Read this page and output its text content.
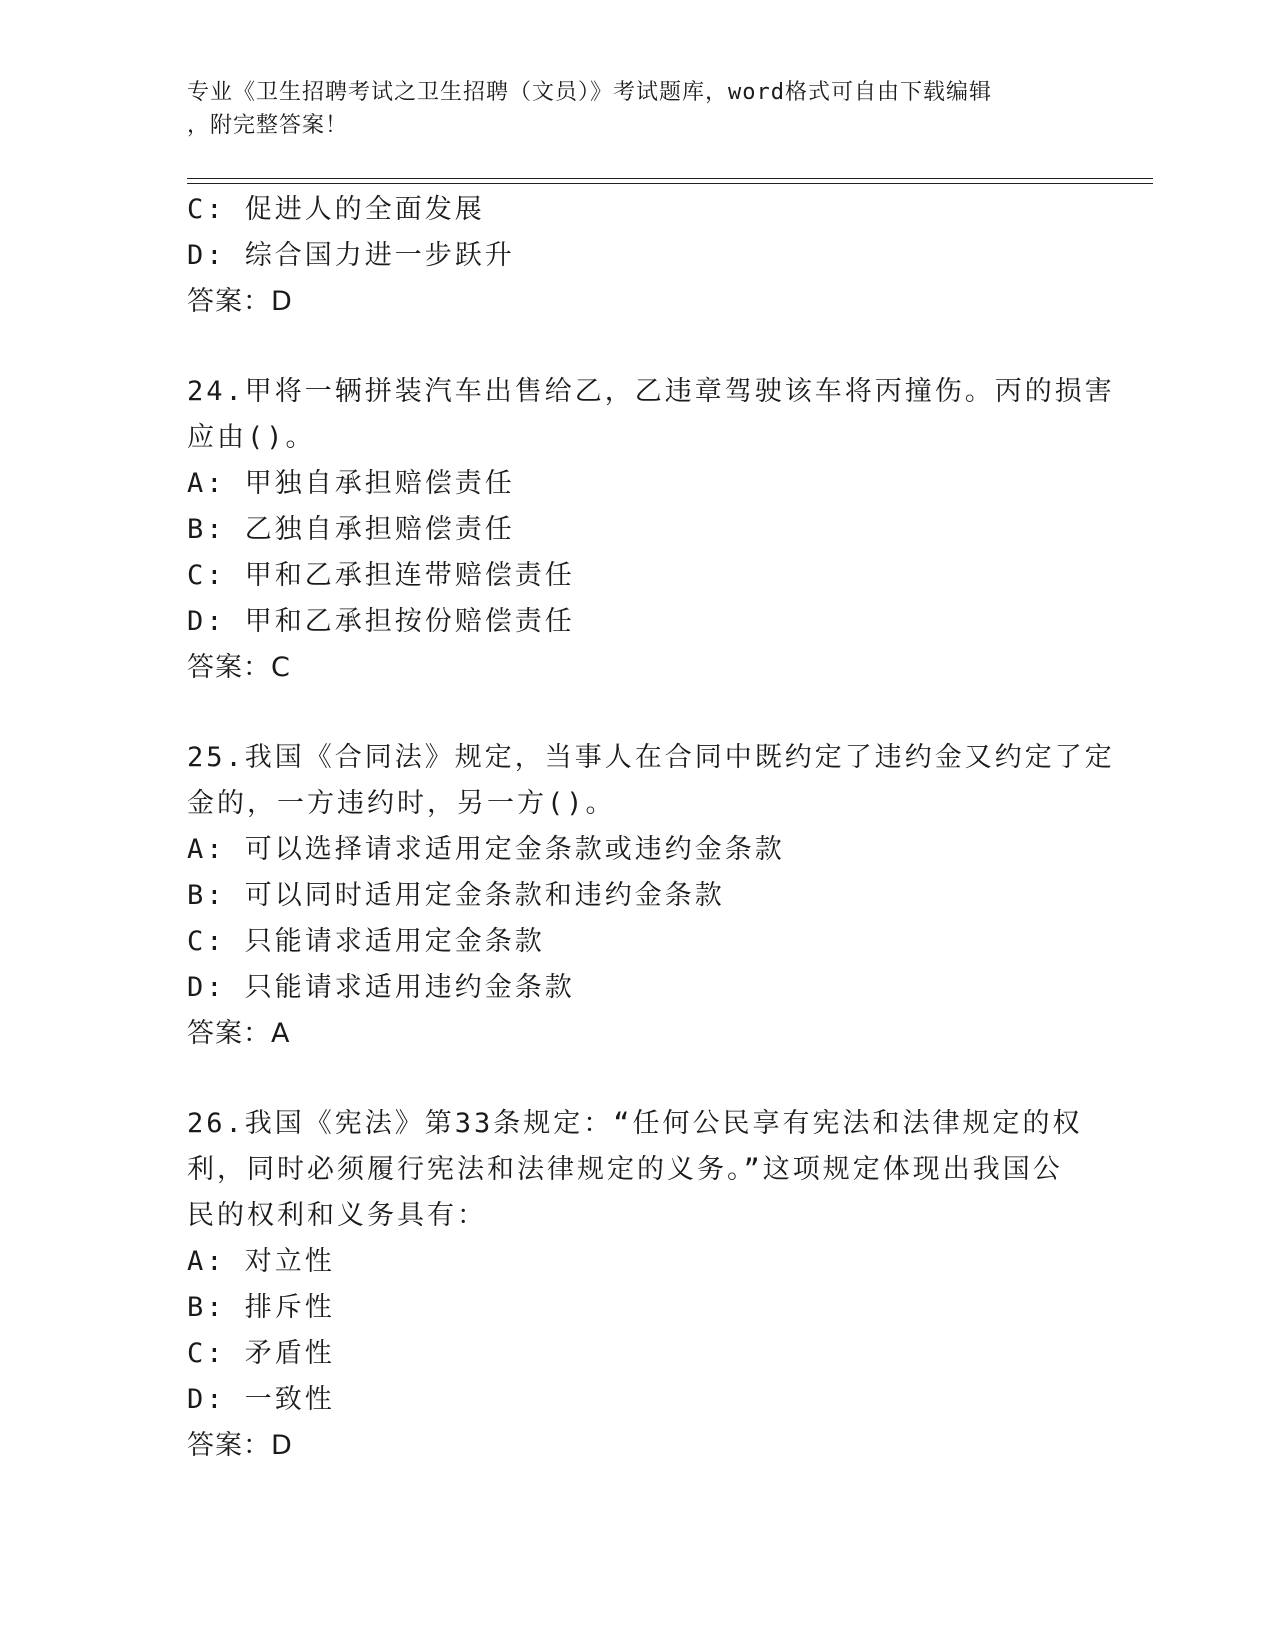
专业《卫生招聘考试之卫生招聘（文员）》考试题库，word格式可自由下载编辑
，附完整答案！
C: 促进人的全面发展
D: 综合国力进一步跃升
答案：D
24.甲将一辆拼装汽车出售给乙，乙违章驾驶该车将丙撞伤。丙的损害
应由()。
A: 甲独自承担赔偿责任
B: 乙独自承担赔偿责任
C: 甲和乙承担连带赔偿责任
D: 甲和乙承担按份赔偿责任
答案：C
25.我国《合同法》规定，当事人在合同中既约定了违约金又约定了定
金的，一方违约时，另一方()。
A: 可以选择请求适用定金条款或违约金条款
B: 可以同时适用定金条款和违约金条款
C: 只能请求适用定金条款
D: 只能请求适用违约金条款
答案：A
26.我国《宪法》第33条规定：“任何公民享有宪法和法律规定的权
利，同时必须履行宪法和法律规定的义务。”这项规定体现出我国公
民的权利和义务具有：
A: 对立性
B: 排斥性
C: 矛盾性
D: 一致性
答案：D
